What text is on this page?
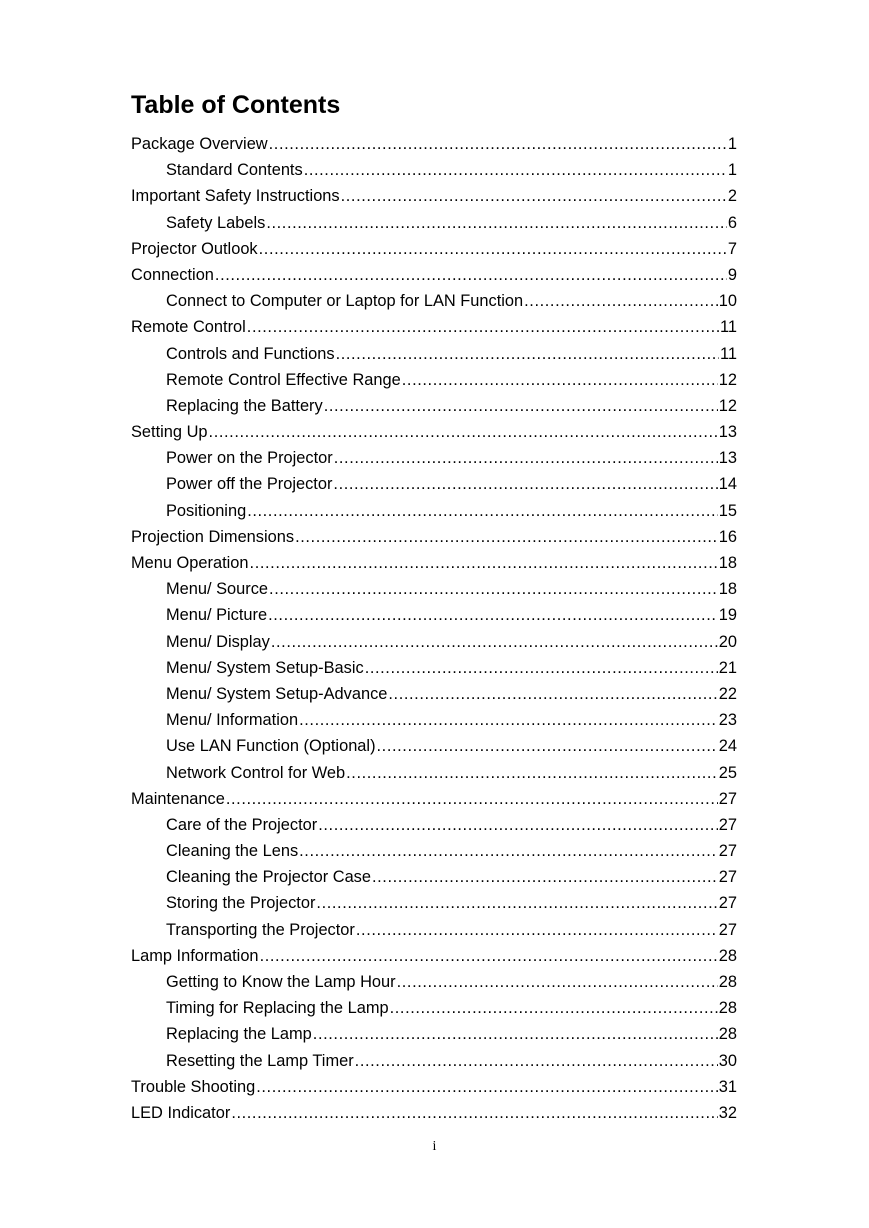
Table of Contents
Package Overview .....	1
Standard Contents .....	1
Important Safety Instructions .....	2
Safety Labels .....	6
Projector Outlook .....	7
Connection .....	9
Connect to Computer or Laptop for LAN Function .....	10
Remote Control .....	11
Controls and Functions .....	11
Remote Control Effective Range .....	12
Replacing the Battery .....	12
Setting Up .....	13
Power on the Projector .....	13
Power off the Projector .....	14
Positioning .....	15
Projection Dimensions .....	16
Menu Operation .....	18
Menu/ Source .....	18
Menu/ Picture .....	19
Menu/ Display .....	20
Menu/ System Setup-Basic .....	21
Menu/ System Setup-Advance .....	22
Menu/ Information .....	23
Use LAN Function (Optional) .....	24
Network Control for Web .....	25
Maintenance .....	27
Care of the Projector .....	27
Cleaning the Lens .....	27
Cleaning the Projector Case .....	27
Storing the Projector .....	27
Transporting the Projector .....	27
Lamp Information .....	28
Getting to Know the Lamp Hour .....	28
Timing for Replacing the Lamp .....	28
Replacing the Lamp .....	28
Resetting the Lamp Timer .....	30
Trouble Shooting .....	31
LED Indicator .....	32
i
